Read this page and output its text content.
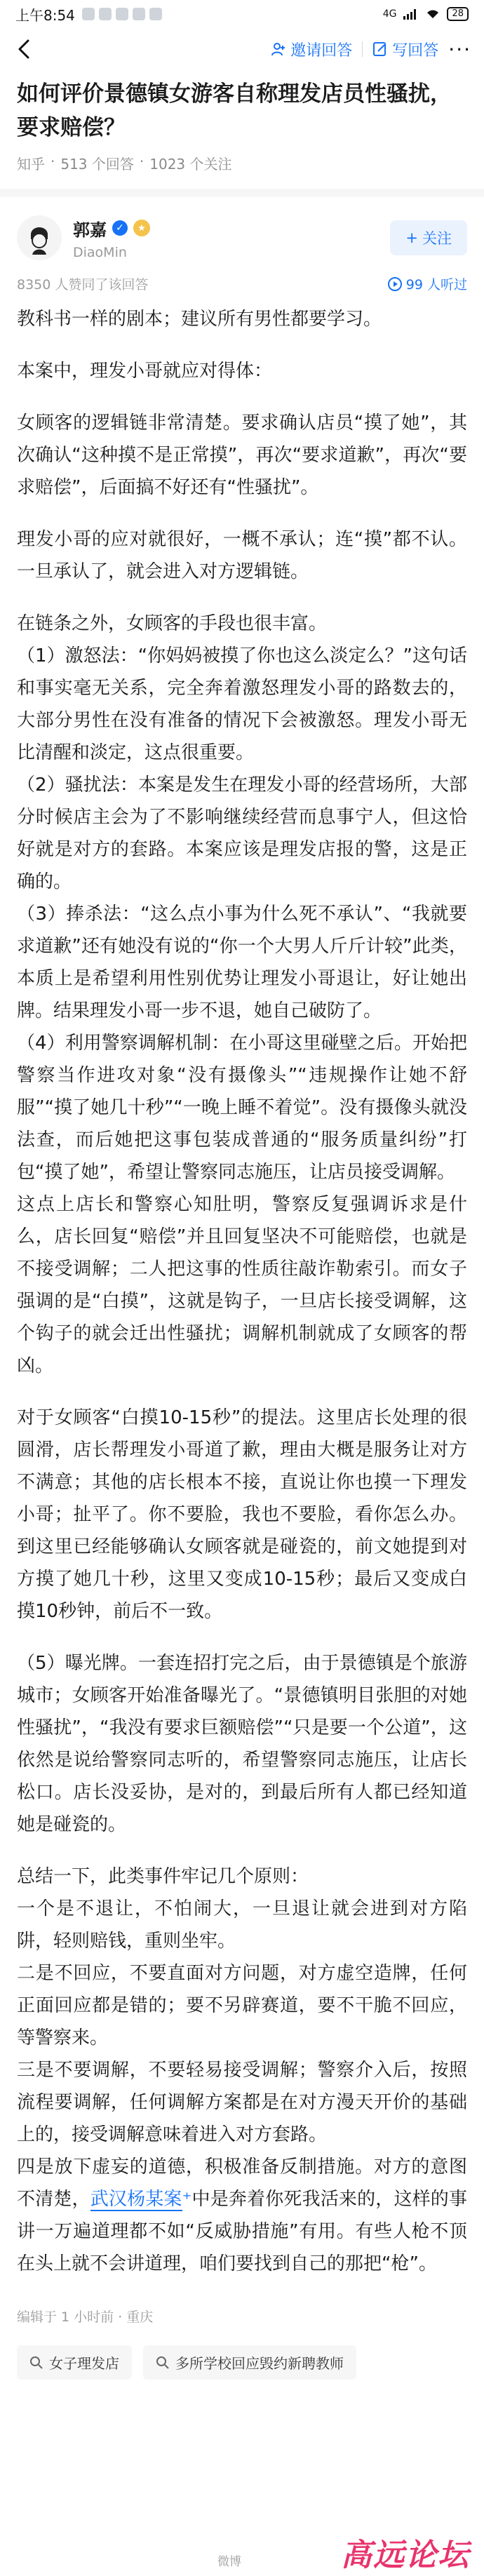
上午8:54	4G	28
邀请回答	写回答 ···
如何评价景德镇女游客自称理发店员性骚扰，要求赔偿？
知乎 · 513 个回答 · 1023 个关注
郭嘉 ✓	★
DiaoMin
+ 关注
8350 人赞同了该回答	99 人听过

教科书一样的剧本；建议所有男性都要学习。

本案中，理发小哥就应对得体：

女顾客的逻辑链非常清楚。要求确认店员“摸了她”，其次确认“这种摸不是正常摸”，再次“要求道歉”，再次“要求赔偿”，后面搞不好还有“性骚扰”。

理发小哥的应对就很好，一概不承认；连“摸”都不认。一旦承认了，就会进入对方逻辑链。

在链条之外，女顾客的手段也很丰富。

（1）激怒法：“你妈妈被摸了你也这么淡定么？”这句话和事实毫无关系，完全奔着激怒理发小哥的路数去的，大部分男性在没有准备的情况下会被激怒。理发小哥无比清醒和淡定，这点很重要。

（2）骚扰法：本案是发生在理发小哥的经营场所，大部分时候店主会为了不影响继续经营而息事宁人，但这恰好就是对方的套路。本案应该是理发店报的警，这是正确的。

（3）捧杀法：“这么点小事为什么死不承认”、“我就要求道歉”还有她没有说的“你一个大男人斤斤计较”此类，本质上是希望利用性别优势让理发小哥退让，好让她出牌。结果理发小哥一步不退，她自己破防了。

（4）利用警察调解机制：在小哥这里碰壁之后。开始把警察当作进攻对象“没有摄像头”“违规操作让她不舒服”“摸了她几十秒”“一晚上睡不着觉”。没有摄像头就没法查，而后她把这事包装成普通的“服务质量纠纷”打包“摸了她”，希望让警察同志施压，让店员接受调解。

这点上店长和警察心知肚明，警察反复强调诉求是什么，店长回复“赔偿”并且回复坚决不可能赔偿，也就是不接受调解；二人把这事的性质往敲诈勒索引。而女子强调的是“白摸”，这就是钩子，一旦店长接受调解，这个钩子的就会迁出性骚扰；调解机制就成了女顾客的帮凶。

对于女顾客“白摸10-15秒”的提法。这里店长处理的很圆滑，店长帮理发小哥道了歉，理由大概是服务让对方不满意；其他的店长根本不接，直说让你也摸一下理发小哥；扯平了。你不要脸，我也不要脸，看你怎么办。到这里已经能够确认女顾客就是碰瓷的，前文她提到对方摸了她几十秒，这里又变成10-15秒；最后又变成白摸10秒钟，前后不一致。

（5）曝光牌。一套连招打完之后，由于景德镇是个旅游城市；女顾客开始准备曝光了。“景德镇明目张胆的对她性骚扰”，“我没有要求巨额赔偿”“只是要一个公道”，这依然是说给警察同志听的，希望警察同志施压，让店长松口。店长没妥协，是对的，到最后所有人都已经知道她是碰瓷的。

总结一下，此类事件牢记几个原则：

一个是不退让，不怕闹大，一旦退让就会进到对方陷阱，轻则赔钱，重则坐牢。

二是不回应，不要直面对方问题，对方虚空造牌，任何正面回应都是错的；要不另辟赛道，要不干脆不回应，等警察来。

三是不要调解，不要轻易接受调解；警察介入后，按照流程要调解，任何调解方案都是在对方漫天开价的基础上的，接受调解意味着进入对方套路。

四是放下虚妄的道德，积极准备反制措施。对方的意图不清楚，武汉杨某案⁺中是奔着你死我活来的，这样的事讲一万遍道理都不如“反威胁措施”有用。有些人枪不顶在头上就不会讲道理，咱们要找到自己的那把“枪”。

编辑于 1 小时前 · 重庆
女子理发店	多所学校回应毁约新聘教师
微博	高远论坛
